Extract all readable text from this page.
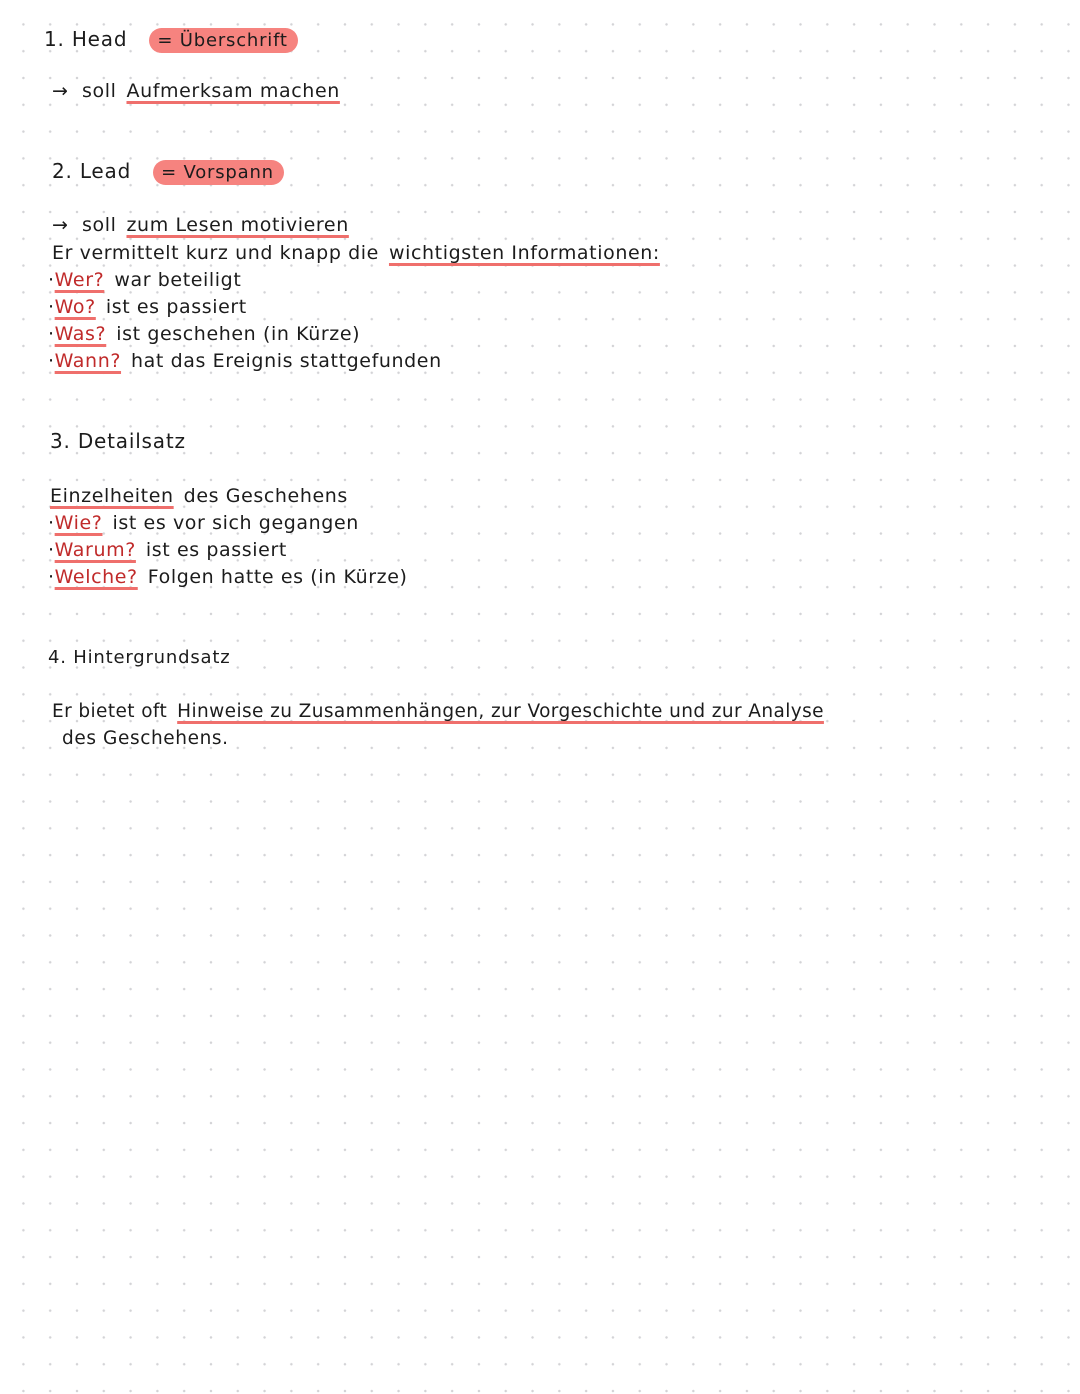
1. Head = Überschrift
→ soll Aufmerksam machen
2. Lead = Vorspann
→ soll zum Lesen motivieren
Er vermittelt kurz und knapp die wichtigsten Informationen:
·Wer? war beteiligt
·Wo? ist es passiert
·Was? ist geschehen (in Kürze)
·Wann? hat das Ereignis stattgefunden
3. Detailsatz
Einzelheiten des Geschehens
·Wie? ist es vor sich gegangen
·Warum? ist es passiert
·Welche? Folgen hatte es (in Kürze)
4. Hintergrundsatz
Er bietet oft Hinweise zu Zusammenhängen, zur Vorgeschichte und zur Analyse
des Geschehens.
